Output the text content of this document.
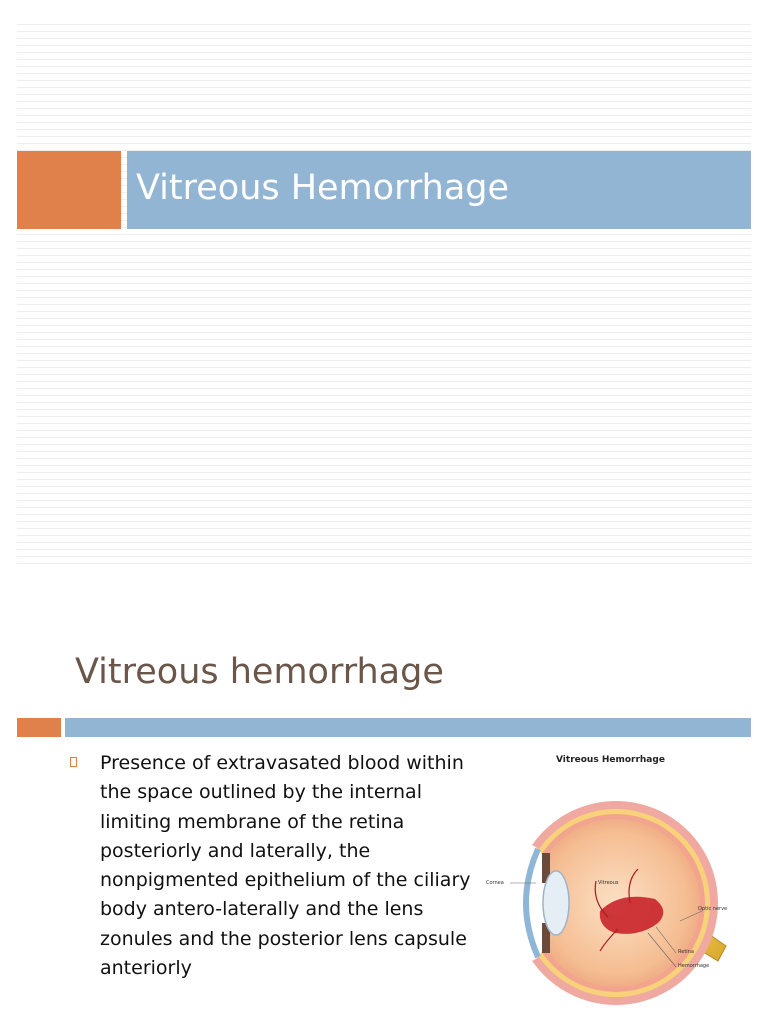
Vitreous Hemorrhage
Vitreous hemorrhage
Presence of extravasated blood within the space outlined by the internal limiting membrane of the retina posteriorly and laterally, the nonpigmented epithelium of the ciliary body antero-laterally and the lens zonules and the posterior lens capsule anteriorly
Vitreous Hemorrhage
Cornea	Vitreous
Optic nerve
Retina
Hemorrhage
